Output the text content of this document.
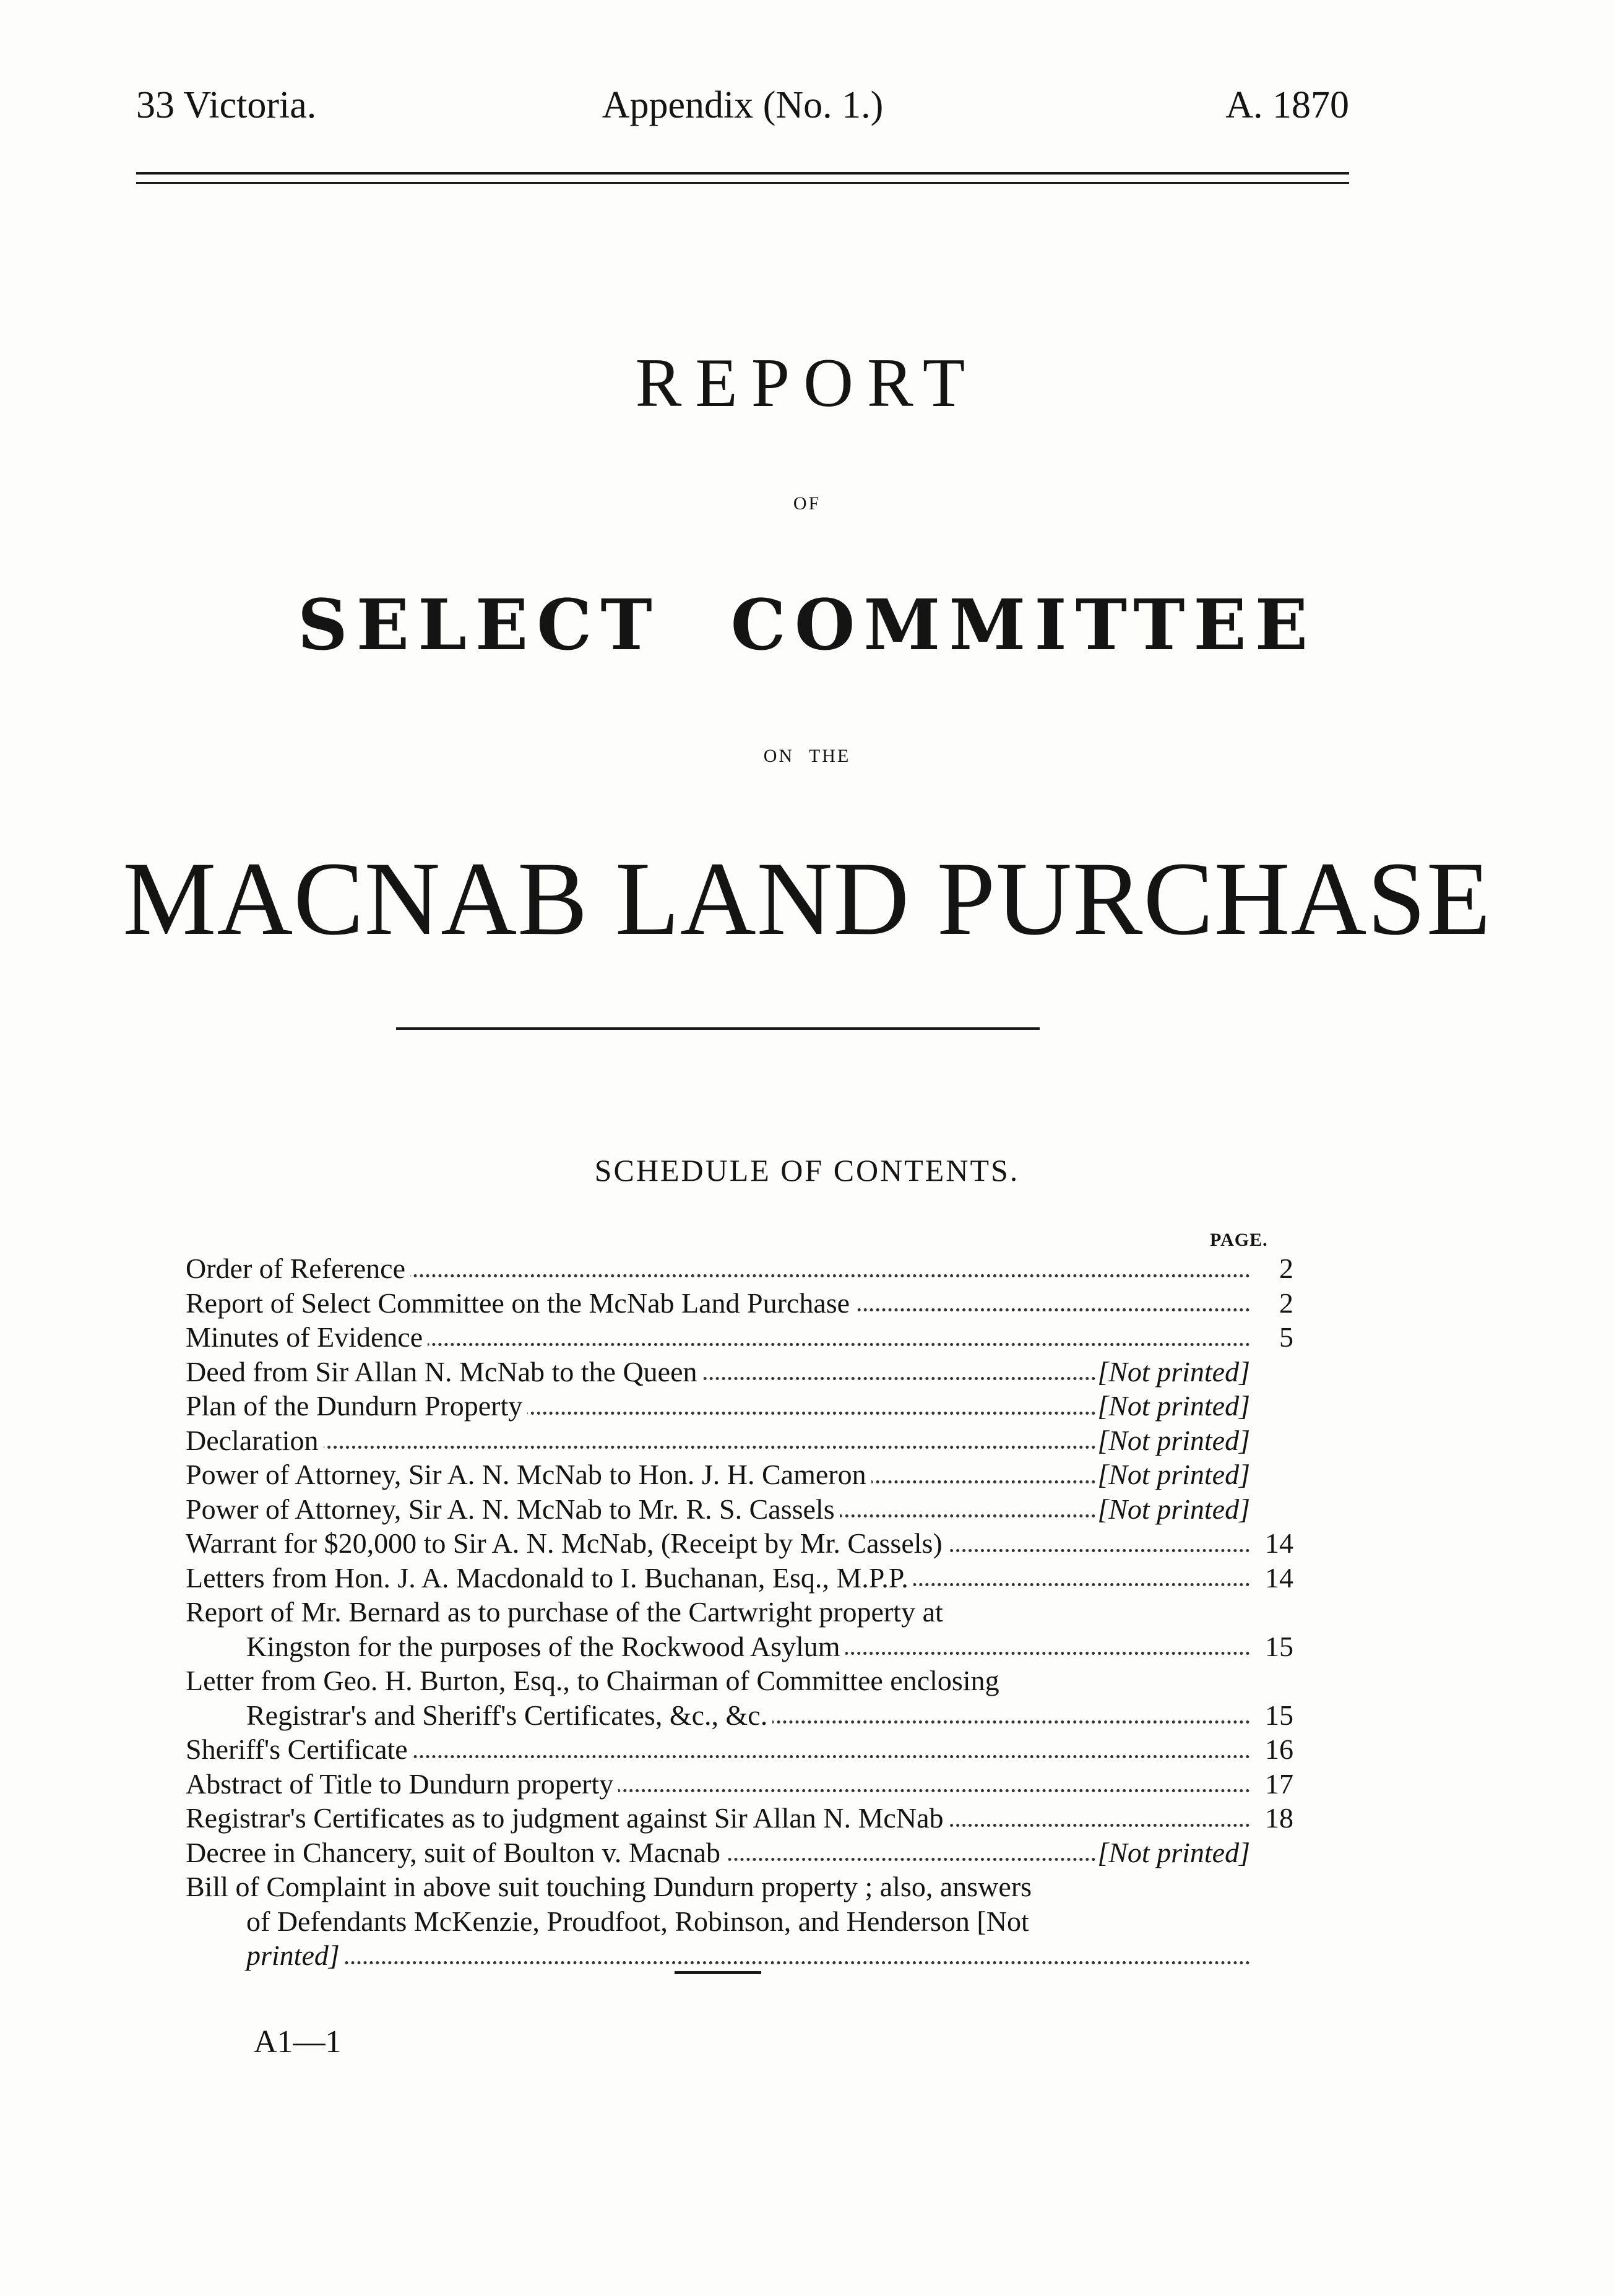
33 Victoria.	Appendix (No. 1.)	A. 1870
REPORT
OF
SELECT COMMITTEE
ON THE
MACNAB LAND PURCHASE
SCHEDULE OF CONTENTS.
PAGE.
Order of Reference	2
Report of Select Committee on the McNab Land Purchase	2
Minutes of Evidence	5
Deed from Sir Allan N. McNab to the Queen	[Not printed]
Plan of the Dundurn Property	[Not printed]
Declaration	[Not printed]
Power of Attorney, Sir A. N. McNab to Hon. J. H. Cameron	[Not printed]
Power of Attorney, Sir A. N. McNab to Mr. R. S. Cassels	[Not printed]
Warrant for $20,000 to Sir A. N. McNab, (Receipt by Mr. Cassels)	14
Letters from Hon. J. A. Macdonald to I. Buchanan, Esq., M.P.P.	14
Report of Mr. Bernard as to purchase of the Cartwright property at
Kingston for the purposes of the Rockwood Asylum	15
Letter from Geo. H. Burton, Esq., to Chairman of Committee enclosing
Registrar's and Sheriff's Certificates, &c., &c.	15
Sheriff's Certificate	16
Abstract of Title to Dundurn property	17
Registrar's Certificates as to judgment against Sir Allan N. McNab	18
Decree in Chancery, suit of Boulton v. Macnab	[Not printed]
Bill of Complaint in above suit touching Dundurn property ; also, answers
of Defendants McKenzie, Proudfoot, Robinson, and Henderson [Not
printed]
A1—1
